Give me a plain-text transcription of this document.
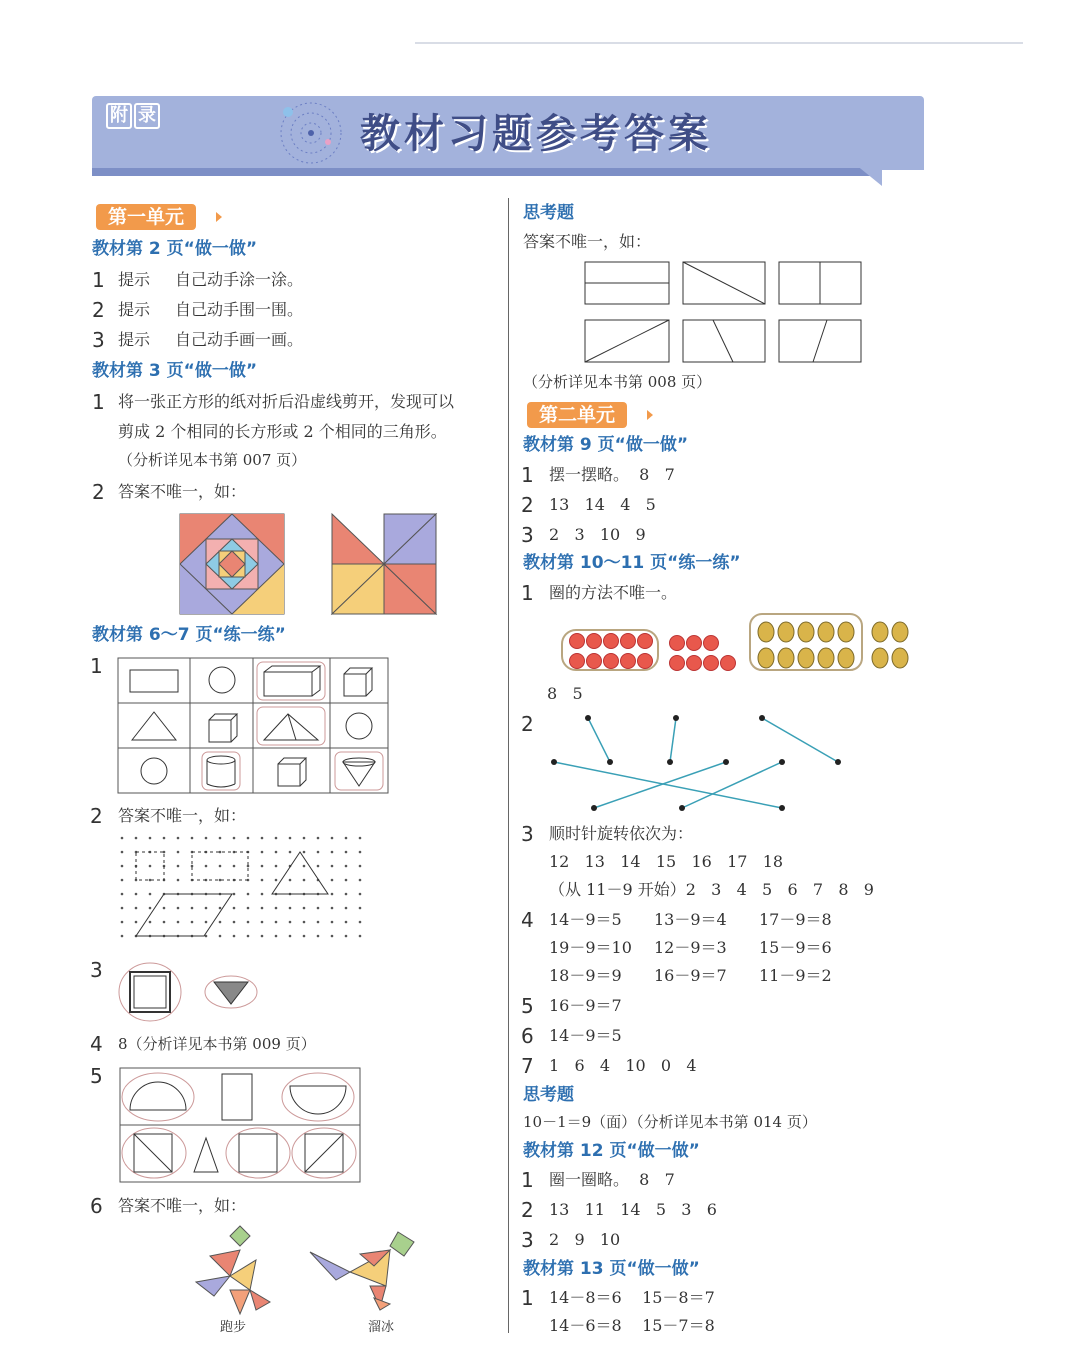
附 录	教材习题参考答案
第一单元
教材第 2 页“做一做”
1 提示 自己动手涂一涂。
2 提示 自己动手围一围。
3 提示 自己动手画一画。
教材第 3 页“做一做”
1 将一张正方形的纸对折后沿虚线剪开，发现可以
剪成 2 个相同的长方形或 2 个相同的三角形。
（分析详见本书第 007 页）
2 答案不唯一，如：
教材第 6～7 页“练一练”
1
2 答案不唯一，如：
3
4 8（分析详见本书第 009 页）
5
6 答案不唯一，如：
跑步	溜冰
思考题
答案不唯一，如：
（分析详见本书第 008 页）
第二单元
教材第 9 页“做一做”
1 摆一摆略。  8   7
2 13   14   4   5
3 2   3   10   9
教材第 10～11 页“练一练”
1 圈的方法不唯一。
8   5
2
3 顺时针旋转依次为：
12   13   14   15   16   17   18
（从 11－9 开始）2   3   4   5   6   7   8   9
4 14－9＝5 13－9＝4 17－9＝8
19－9＝10 12－9＝3 15－9＝6
18－9＝9 16－9＝7 11－9＝2
5 16－9＝7
6 14－9＝5
7 1   6   4   10   0   4
思考题
10－1＝9（面）（分析详见本书第 014 页）
教材第 12 页“做一做”
1 圈一圈略。  8   7
2 13   11   14   5   3   6
3 2   9   10
教材第 13 页“做一做”
1 14－8＝6    15－8＝7
14－6＝8    15－7＝8
